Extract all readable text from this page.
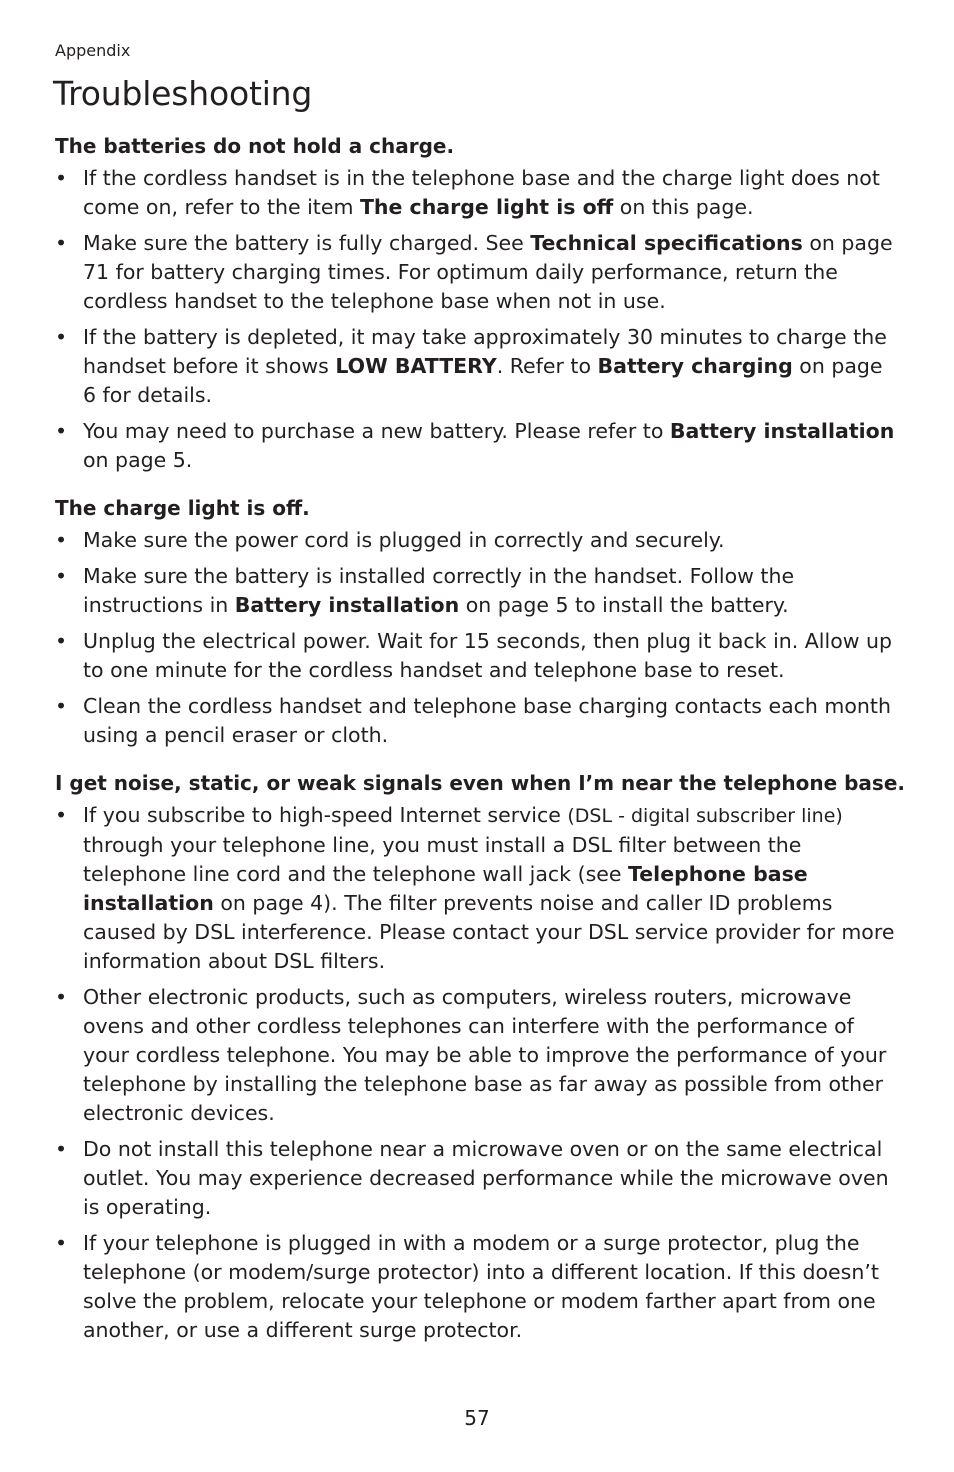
Appendix
Troubleshooting
The batteries do not hold a charge.
• If the cordless handset is in the telephone base and the charge light does not come on, refer to the item The charge light is off on this page.
• Make sure the battery is fully charged. See Technical specifications on page 71 for battery charging times. For optimum daily performance, return the cordless handset to the telephone base when not in use.
• If the battery is depleted, it may take approximately 30 minutes to charge the handset before it shows LOW BATTERY. Refer to Battery charging on page 6 for details.
• You may need to purchase a new battery. Please refer to Battery installation on page 5.
The charge light is off.
• Make sure the power cord is plugged in correctly and securely.
• Make sure the battery is installed correctly in the handset. Follow the instructions in Battery installation on page 5 to install the battery.
• Unplug the electrical power. Wait for 15 seconds, then plug it back in. Allow up to one minute for the cordless handset and telephone base to reset.
• Clean the cordless handset and telephone base charging contacts each month using a pencil eraser or cloth.
I get noise, static, or weak signals even when I’m near the telephone base.
• If you subscribe to high-speed Internet service (DSL - digital subscriber line) through your telephone line, you must install a DSL filter between the telephone line cord and the telephone wall jack (see Telephone base installation on page 4). The filter prevents noise and caller ID problems caused by DSL interference. Please contact your DSL service provider for more information about DSL filters.
• Other electronic products, such as computers, wireless routers, microwave ovens and other cordless telephones can interfere with the performance of your cordless telephone. You may be able to improve the performance of your telephone by installing the telephone base as far away as possible from other electronic devices.
• Do not install this telephone near a microwave oven or on the same electrical outlet. You may experience decreased performance while the microwave oven is operating.
• If your telephone is plugged in with a modem or a surge protector, plug the telephone (or modem/surge protector) into a different location. If this doesn’t solve the problem, relocate your telephone or modem farther apart from one another, or use a different surge protector.
57
